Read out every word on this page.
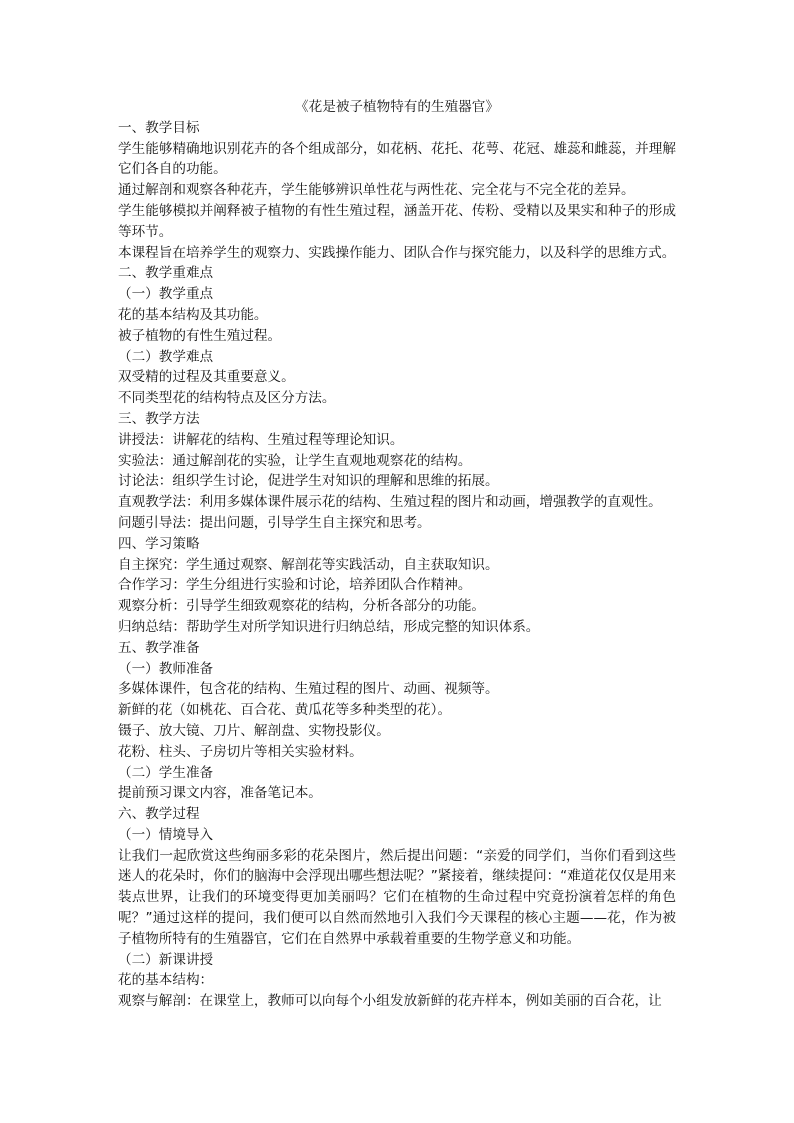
《花是被子植物特有的生殖器官》

一、教学目标

学生能够精确地识别花卉的各个组成部分，如花柄、花托、花萼、花冠、雄蕊和雌蕊，并理解它们各自的功能。

通过解剖和观察各种花卉，学生能够辨识单性花与两性花、完全花与不完全花的差异。

学生能够模拟并阐释被子植物的有性生殖过程，涵盖开花、传粉、受精以及果实和种子的形成等环节。

本课程旨在培养学生的观察力、实践操作能力、团队合作与探究能力，以及科学的思维方式。

二、教学重难点

（一）教学重点

花的基本结构及其功能。

被子植物的有性生殖过程。

（二）教学难点

双受精的过程及其重要意义。

不同类型花的结构特点及区分方法。

三、教学方法

讲授法：讲解花的结构、生殖过程等理论知识。

实验法：通过解剖花的实验，让学生直观地观察花的结构。

讨论法：组织学生讨论，促进学生对知识的理解和思维的拓展。

直观教学法：利用多媒体课件展示花的结构、生殖过程的图片和动画，增强教学的直观性。

问题引导法：提出问题，引导学生自主探究和思考。

四、学习策略

自主探究：学生通过观察、解剖花等实践活动，自主获取知识。

合作学习：学生分组进行实验和讨论，培养团队合作精神。

观察分析：引导学生细致观察花的结构，分析各部分的功能。

归纳总结：帮助学生对所学知识进行归纳总结，形成完整的知识体系。

五、教学准备

（一）教师准备

多媒体课件，包含花的结构、生殖过程的图片、动画、视频等。

新鲜的花（如桃花、百合花、黄瓜花等多种类型的花）。

镊子、放大镜、刀片、解剖盘、实物投影仪。

花粉、柱头、子房切片等相关实验材料。

（二）学生准备

提前预习课文内容，准备笔记本。

六、教学过程

（一）情境导入

让我们一起欣赏这些绚丽多彩的花朵图片，然后提出问题：“亲爱的同学们，当你们看到这些迷人的花朵时，你们的脑海中会浮现出哪些想法呢？”紧接着，继续提问：“难道花仅仅是用来装点世界，让我们的环境变得更加美丽吗？它们在植物的生命过程中究竟扮演着怎样的角色呢？”通过这样的提问，我们便可以自然而然地引入我们今天课程的核心主题——花，作为被子植物所特有的生殖器官，它们在自然界中承载着重要的生物学意义和功能。

（二）新课讲授

花的基本结构：

观察与解剖：在课堂上，教师可以向每个小组发放新鲜的花卉样本，例如美丽的百合花，让
